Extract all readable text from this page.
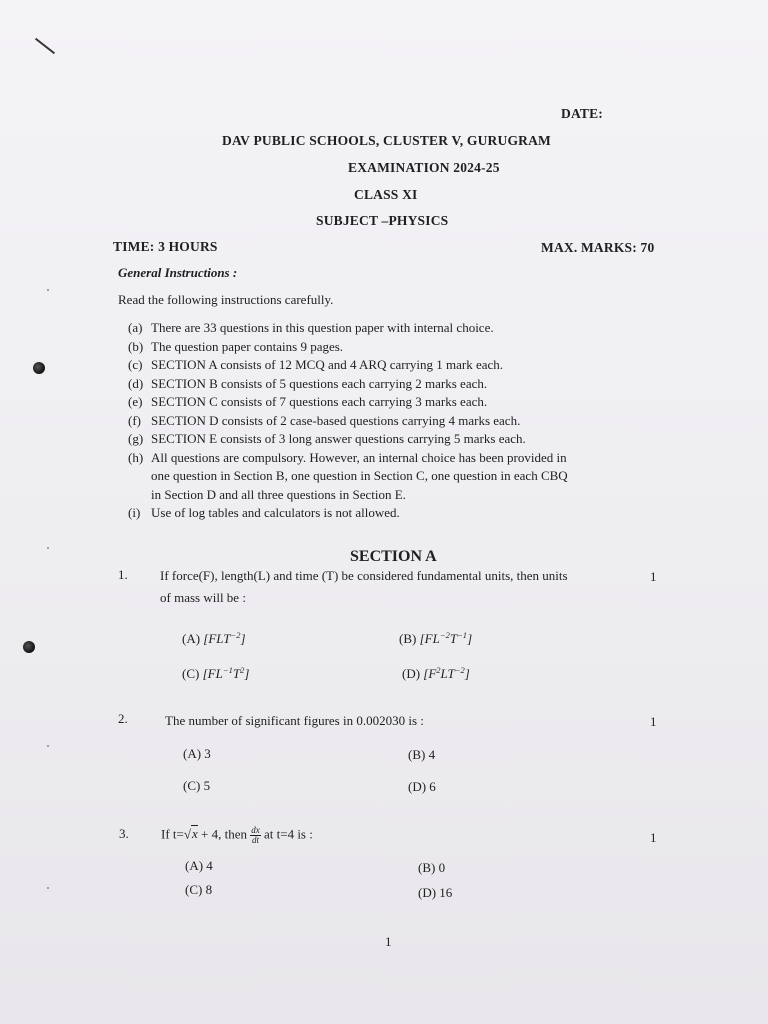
DATE:
DAV PUBLIC SCHOOLS, CLUSTER V, GURUGRAM
EXAMINATION 2024-25
CLASS XI
SUBJECT –PHYSICS
TIME: 3 HOURS	MAX. MARKS: 70
General Instructions :
Read the following instructions carefully.
(a) There are 33 questions in this question paper with internal choice.
(b) The question paper contains 9 pages.
(c) SECTION A consists of 12 MCQ and 4 ARQ carrying 1 mark each.
(d) SECTION B consists of 5 questions each carrying 2 marks each.
(e) SECTION C consists of 7 questions each carrying 3 marks each.
(f) SECTION D consists of 2 case-based questions carrying 4 marks each.
(g) SECTION E consists of 3 long answer questions carrying 5 marks each.
(h) All questions are compulsory. However, an internal choice has been provided in
one question in Section B, one question in Section C, one question in each CBQ
in Section D and all three questions in Section E.
(i) Use of log tables and calculators is not allowed.
SECTION A
1. If force(F), length(L) and time (T) be considered fundamental units, then units
of mass will be :
1
(A) $[FLT^{-2}]$	(B) $[FL^{-2}T^{-1}]$
(C) $[FL^{-1}T^2]$	(D) $[F^2LT^{-2}]$
2.	The number of significant figures in 0.002030 is :	1
(A) 3	(B) 4
(C) 5	(D) 6
3. If t=√x + 4, then $\frac{dx}{dt}$ at t=4 is :	1
(A) 4	(B) 0
(C) 8	(D) 16
1
